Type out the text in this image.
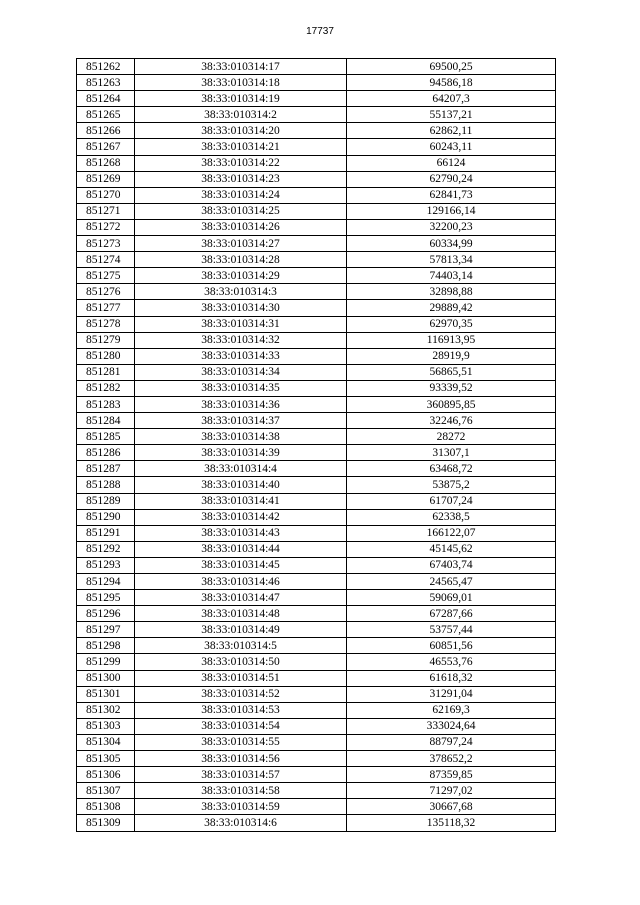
17737
851262	38:33:010314:17	69500,25
851263	38:33:010314:18	94586,18
851264	38:33:010314:19	64207,3
851265	38:33:010314:2	55137,21
851266	38:33:010314:20	62862,11
851267	38:33:010314:21	60243,11
851268	38:33:010314:22	66124
851269	38:33:010314:23	62790,24
851270	38:33:010314:24	62841,73
851271	38:33:010314:25	129166,14
851272	38:33:010314:26	32200,23
851273	38:33:010314:27	60334,99
851274	38:33:010314:28	57813,34
851275	38:33:010314:29	74403,14
851276	38:33:010314:3	32898,88
851277	38:33:010314:30	29889,42
851278	38:33:010314:31	62970,35
851279	38:33:010314:32	116913,95
851280	38:33:010314:33	28919,9
851281	38:33:010314:34	56865,51
851282	38:33:010314:35	93339,52
851283	38:33:010314:36	360895,85
851284	38:33:010314:37	32246,76
851285	38:33:010314:38	28272
851286	38:33:010314:39	31307,1
851287	38:33:010314:4	63468,72
851288	38:33:010314:40	53875,2
851289	38:33:010314:41	61707,24
851290	38:33:010314:42	62338,5
851291	38:33:010314:43	166122,07
851292	38:33:010314:44	45145,62
851293	38:33:010314:45	67403,74
851294	38:33:010314:46	24565,47
851295	38:33:010314:47	59069,01
851296	38:33:010314:48	67287,66
851297	38:33:010314:49	53757,44
851298	38:33:010314:5	60851,56
851299	38:33:010314:50	46553,76
851300	38:33:010314:51	61618,32
851301	38:33:010314:52	31291,04
851302	38:33:010314:53	62169,3
851303	38:33:010314:54	333024,64
851304	38:33:010314:55	88797,24
851305	38:33:010314:56	378652,2
851306	38:33:010314:57	87359,85
851307	38:33:010314:58	71297,02
851308	38:33:010314:59	30667,68
851309	38:33:010314:6	135118,32
